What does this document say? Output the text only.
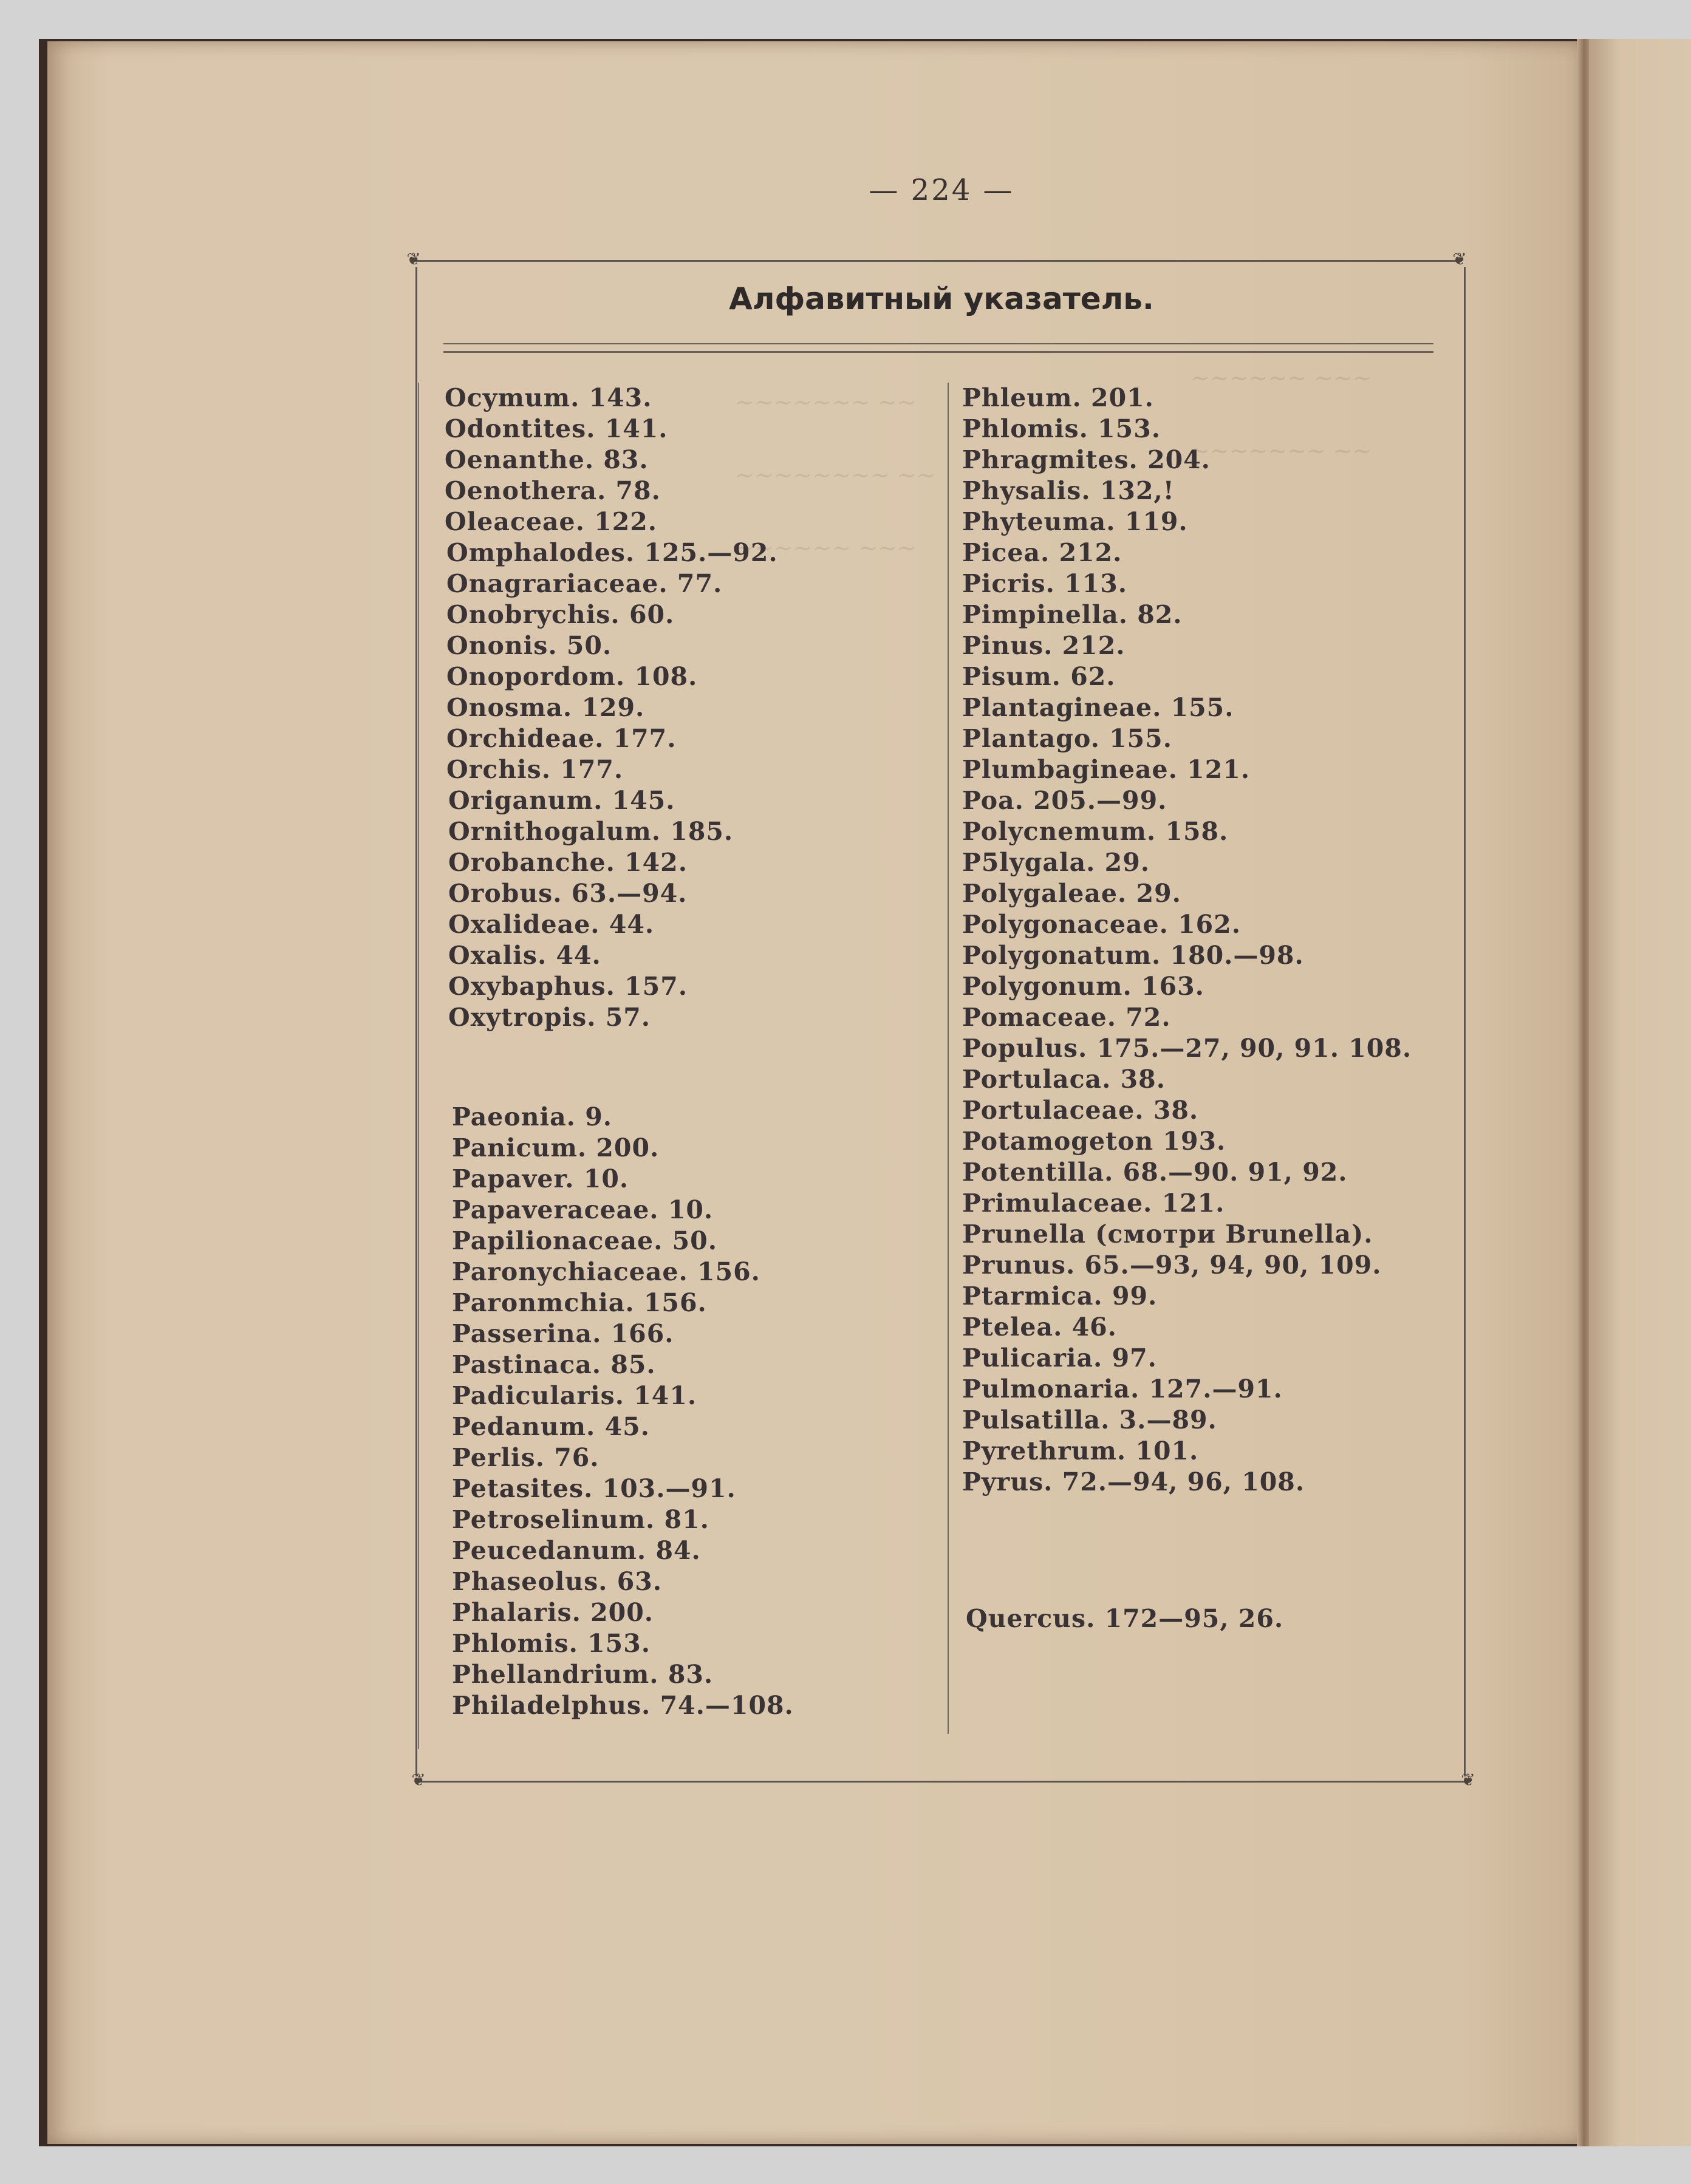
~~~~~~~ ~~
~~~~~~~~ ~~
~~~~~~ ~~~
~~~~~~ ~~~
~~~~~~~ ~~
— 224 —
❦	❦
❦	❦
Алфавитный указатель.
Ocymum. 143.
Odontites. 141.
Oenanthe. 83.
Oenothera. 78.
Oleaceae. 122.
Omphalodes. 125.—92.
Onagrariaceae. 77.
Onobrychis. 60.
Ononis. 50.
Onopordom. 108.
Onosma. 129.
Orchideae. 177.
Orchis. 177.
Origanum. 145.
Ornithogalum. 185.
Orobanche. 142.
Orobus. 63.—94.
Oxalideae. 44.
Oxalis. 44.
Oxybaphus. 157.
Oxytropis. 57.
Paeonia. 9.
Panicum. 200.
Papaver. 10.
Papaveraceae. 10.
Papilionaceae. 50.
Paronychiaceae. 156.
Paronmchia. 156.
Passerina. 166.
Pastinaca. 85.
Padicularis. 141.
Pedanum. 45.
Perlis. 76.
Petasites. 103.—91.
Petroselinum. 81.
Peucedanum. 84.
Phaseolus. 63.
Phalaris. 200.
Phlomis. 153.
Phellandrium. 83.
Philadelphus. 74.—108.
Phleum. 201.
Phlomis. 153.
Phragmites. 204.
Physalis. 132,!
Phyteuma. 119.
Picea. 212.
Picris. 113.
Pimpinella. 82.
Pinus. 212.
Pisum. 62.
Plantagineae. 155.
Plantago. 155.
Plumbagineae. 121.
Poa. 205.—99.
Polycnemum. 158.
P5lygala. 29.
Polygaleae. 29.
Polygonaceae. 162.
Polygonatum. 180.—98.
Polygonum. 163.
Pomaceae. 72.
Populus. 175.—27, 90, 91. 108.
Portulaca. 38.
Portulaceae. 38.
Potamogeton 193.
Potentilla. 68.—90. 91, 92.
Primulaceae. 121.
Prunella (смотри Brunella).
Prunus. 65.—93, 94, 90, 109.
Ptarmica. 99.
Ptelea. 46.
Pulicaria. 97.
Pulmonaria. 127.—91.
Pulsatilla. 3.—89.
Pyrethrum. 101.
Pyrus. 72.—94, 96, 108.
Quercus. 172—95, 26.
